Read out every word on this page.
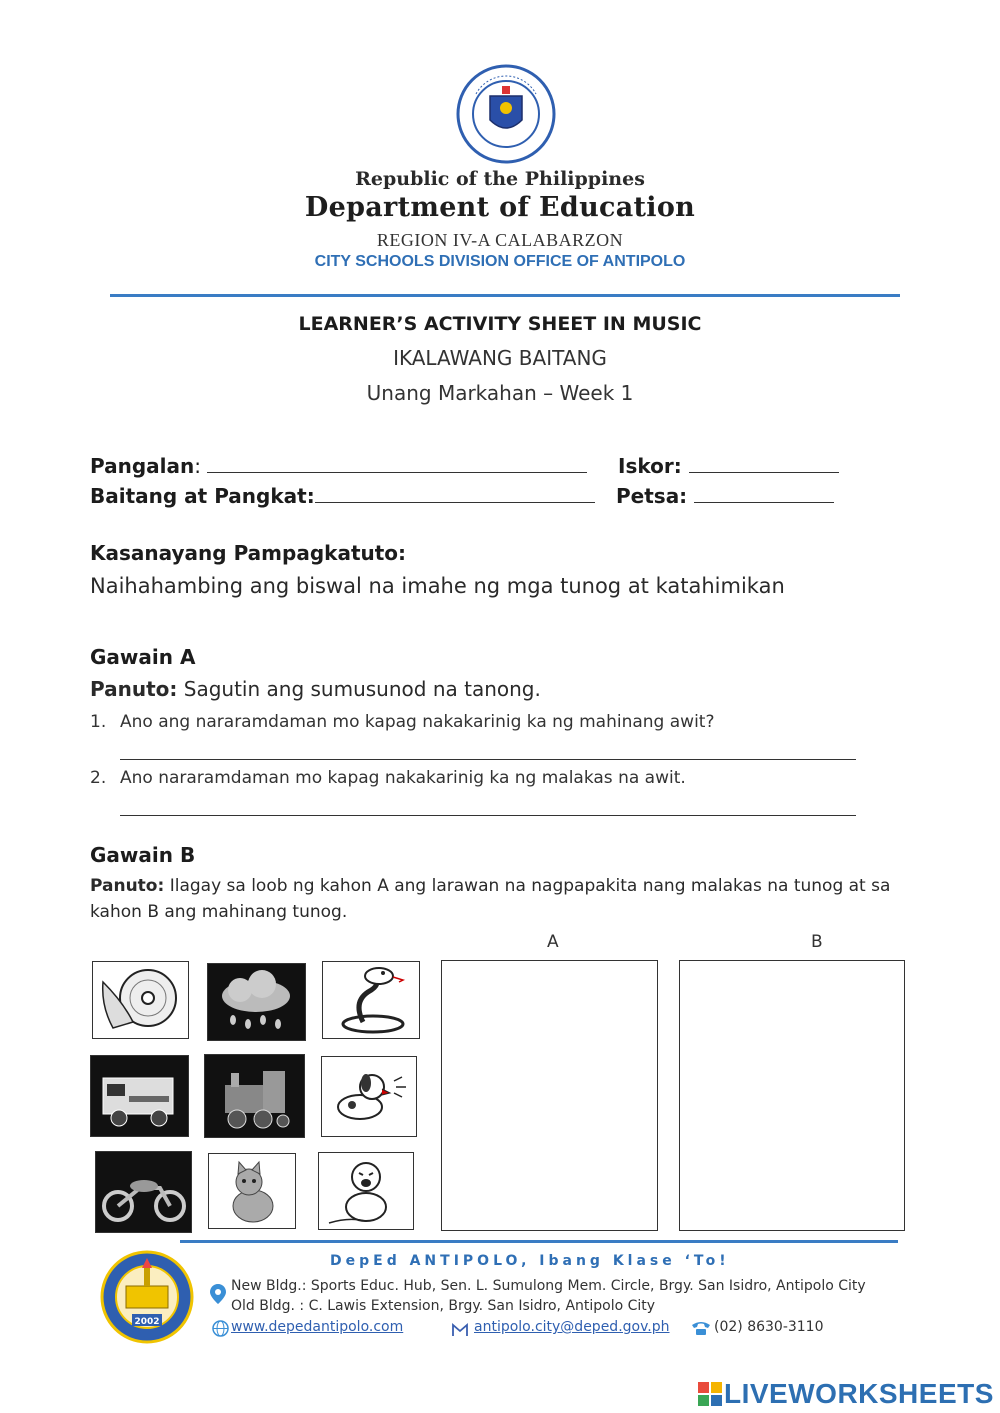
Republic of the Philippines
Department of Education
REGION IV-A CALABARZON
CITY SCHOOLS DIVISION OFFICE OF ANTIPOLO
LEARNER’S ACTIVITY SHEET IN MUSIC
IKALAWANG BAITANG
Unang Markahan – Week 1
Pangalan:	Iskor:
Baitang at Pangkat:	Petsa:
Kasanayang Pampagkatuto:
Naihahambing ang biswal na imahe ng mga tunog at katahimikan
Gawain A
Panuto: Sagutin ang sumusunod na tanong.
1. Ano ang nararamdaman mo kapag nakakarinig ka ng mahinang awit?
2. Ano nararamdaman mo kapag nakakarinig ka ng malakas na awit.
Gawain B
Panuto: Ilagay sa loob ng kahon A ang larawan na nagpapakita nang malakas na tunog at sa kahon B ang mahinang tunog.
A	B
2002
DepEd ANTIPOLO, Ibang Klase ‘To!
New Bldg.: Sports Educ. Hub, Sen. L. Sumulong Mem. Circle, Brgy. San Isidro, Antipolo City
Old Bldg. : C. Lawis Extension, Brgy. San Isidro, Antipolo City
www.depedantipolo.com	antipolo.city@deped.gov.ph	(02) 8630-3110
LIVEWORKSHEETS
